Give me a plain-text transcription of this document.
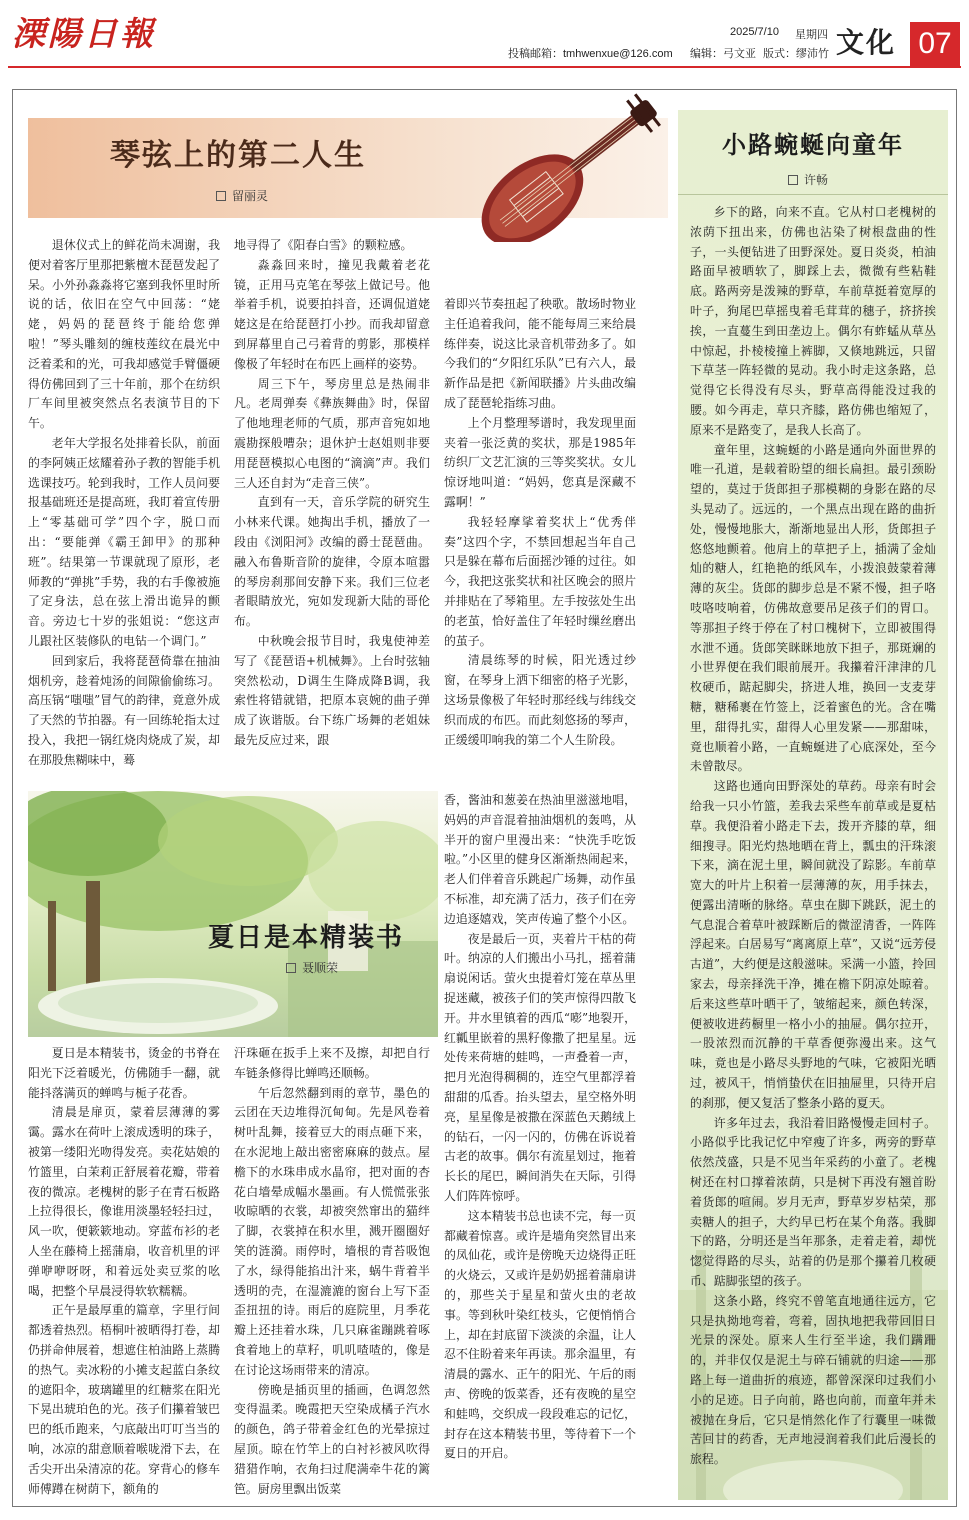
溧陽日報	2025/7/10 星期四
投稿邮箱：tmhwenxue@126.com 编辑：弓文亚 版式：缪沛竹 文化 07
琴弦上的第二人生
留丽灵

退休仪式上的鲜花尚未凋谢，我便对着客厅里那把紫檀木琵琶发起了呆。小外孙淼淼将它塞到我怀里时所说的话，依旧在空气中回荡：“姥姥，妈妈的琵琶终于能给您弹啦！”琴头雕刻的缠枝莲纹在晨光中泛着柔和的光，可我却感觉手臂僵硬得仿佛回到了三十年前，那个在纺织厂车间里被突然点名表演节目的下午。

老年大学报名处排着长队，前面的李阿姨正炫耀着孙子教的智能手机选课技巧。轮到我时，工作人员问要报基础班还是提高班，我盯着宣传册上“零基础可学”四个字，脱口而出：“要能弹《霸王卸甲》的那种班”。结果第一节课就现了原形，老师教的“弹挑”手势，我的右手像被施了定身法，总在弦上滑出诡异的颤音。旁边七十岁的张姐说：“您这声儿跟社区装修队的电钻一个调门。”

回到家后，我将琵琶倚靠在抽油烟机旁，趁着炖汤的间隙偷偷练习。高压锅“嗤嗤”冒气的韵律，竟意外成了天然的节拍器。有一回练轮指太过投入，我把一锅红烧肉烧成了炭，却在那股焦糊味中，蓦

地寻得了《阳春白雪》的颗粒感。

淼淼回来时，撞见我戴着老花镜，正用马克笔在琴弦上做记号。他举着手机，说要拍抖音，还调侃道姥姥这是在给琵琶打小抄。而我却留意到屏幕里自己弓着背的剪影，那模样像极了年轻时在布匹上画样的姿势。

周三下午，琴房里总是热闹非凡。老周弹奏《彝族舞曲》时，保留了他地理老师的气质，那声音宛如地震勘探般嘈杂；退休护士赵姐则非要用琵琶模拟心电图的“滴滴”声。我们三人还自封为“走音三侠”。

直到有一天，音乐学院的研究生小林来代课。她掏出手机，播放了一段由《浏阳河》改编的爵士琵琶曲。融入布鲁斯音阶的旋律，令原本喧嚣的琴房刹那间安静下来。我们三位老者眼睛放光，宛如发现新大陆的哥伦布。

中秋晚会报节目时，我鬼使神差写了《琵琶语+机械舞》。上台时弦轴突然松动，D调生生降成降B调，我索性将错就错，把原本哀婉的曲子弹成了诙谐版。台下练广场舞的老姐妹最先反应过来，跟

着即兴节奏扭起了秧歌。散场时物业主任追着我问，能不能每周三来给晨练伴奏，说这比录音机带劲多了。如今我们的“夕阳红乐队”已有六人，最新作品是把《新闻联播》片头曲改编成了琵琶轮指练习曲。

上个月整理琴谱时，我发现里面夹着一张泛黄的奖状，那是1985年纺织厂文艺汇演的三等奖奖状。女儿惊讶地叫道：“妈妈，您真是深藏不露啊！”

我轻轻摩挲着奖状上“优秀伴奏”这四个字，不禁回想起当年自己只是躲在幕布后面摇沙锤的过往。如今，我把这张奖状和社区晚会的照片并排贴在了琴箱里。左手按弦处生出的老茧，恰好盖住了年轻时缫丝磨出的茧子。

清晨练琴的时候，阳光透过纱窗，在琴身上洒下细密的格子光影，这场景像极了年轻时那经线与纬线交织而成的布匹。而此刻悠扬的琴声，正缓缓叩响我的第二个人生阶段。

夏日是本精装书
聂顺荣

夏日是本精装书，烫金的书脊在阳光下泛着暖光，仿佛随手一翻，就能抖落满页的蝉鸣与栀子花香。

清晨是扉页，蒙着层薄薄的雾霭。露水在荷叶上滚成透明的珠子，被第一缕阳光吻得发亮。卖花姑娘的竹篮里，白茉莉正舒展着花瓣，带着夜的微凉。老槐树的影子在青石板路上拉得很长，像谁用淡墨轻轻扫过，风一吹，便簌簌地动。穿蓝布衫的老人坐在藤椅上摇蒲扇，收音机里的评弹咿咿呀呀，和着远处卖豆浆的吆喝，把整个早晨浸得软软糯糯。

正午是最厚重的篇章，字里行间都透着热烈。梧桐叶被晒得打卷，却仍拼命伸展着，想遮住柏油路上蒸腾的热气。卖冰粉的小摊支起蓝白条纹的遮阳伞，玻璃罐里的红糖浆在阳光下晃出琥珀色的光。孩子们攥着皱巴巴的纸币跑来，勺底敲出叮叮当当的响，冰凉的甜意顺着喉咙滑下去，在舌尖开出朵清凉的花。穿背心的修车师傅蹲在树荫下，额角的

汗珠砸在扳手上来不及擦，却把自行车链条修得比蝉鸣还顺畅。

午后忽然翻到雨的章节，墨色的云团在天边堆得沉甸甸。先是风卷着树叶乱舞，接着豆大的雨点砸下来，在水泥地上敲出密密麻麻的鼓点。屋檐下的水珠串成水晶帘，把对面的杏花白墙晕成幅水墨画。有人慌慌张张收晾晒的衣裳，却被突然窜出的猫绊了脚，衣裳掉在积水里，溅开圈圈好笑的涟漪。雨停时，墙根的青苔吸饱了水，绿得能掐出汁来，蜗牛背着半透明的壳，在湿漉漉的窗台上写下歪歪扭扭的诗。雨后的庭院里，月季花瓣上还挂着水珠，几只麻雀蹦跳着啄食着地上的草籽，叽叽喳喳的，像是在讨论这场雨带来的清凉。

傍晚是插页里的插画，色调忽然变得温柔。晚霞把天空染成橘子汽水的颜色，鸽子带着金红色的光晕掠过屋顶。晾在竹竿上的白衬衫被风吹得猎猎作响，衣角扫过爬满牵牛花的篱笆。厨房里飘出饭菜

香，酱油和葱姜在热油里滋滋地唱，妈妈的声音混着抽油烟机的轰鸣，从半开的窗户里漫出来：“快洗手吃饭啦。”小区里的健身区渐渐热闹起来，老人们伴着音乐跳起广场舞，动作虽不标准，却充满了活力，孩子们在旁边追逐嬉戏，笑声传遍了整个小区。

夜是最后一页，夹着片干枯的荷叶。纳凉的人们搬出小马扎，摇着蒲扇说闲话。萤火虫提着灯笼在草丛里捉迷藏，被孩子们的笑声惊得四散飞开。井水里镇着的西瓜“嘭”地裂开，红瓤里嵌着的黑籽像撒了把星星。远处传来荷塘的蛙鸣，一声叠着一声，把月光泡得稠稠的，连空气里都浮着甜甜的瓜香。抬头望去，星空格外明亮，星星像是被撒在深蓝色天鹅绒上的钻石，一闪一闪的，仿佛在诉说着古老的故事。偶尔有流星划过，拖着长长的尾巴，瞬间消失在天际，引得人们阵阵惊呼。

这本精装书总也读不完，每一页都藏着惊喜。或许是墙角突然冒出来的凤仙花，或许是傍晚天边烧得正旺的火烧云，又或许是奶奶摇着蒲扇讲的，那些关于星星和萤火虫的老故事。等到秋叶染红枝头，它便悄悄合上，却在封底留下淡淡的余温，让人忍不住盼着来年再读。那余温里，有清晨的露水、正午的阳光、午后的雨声、傍晚的饭菜香，还有夜晚的星空和蛙鸣，交织成一段段难忘的记忆，封存在这本精装书里，等待着下一个夏日的开启。

小路蜿蜒向童年
许畅

乡下的路，向来不直。它从村口老槐树的浓荫下扭出来，仿佛也沾染了树根盘曲的性子，一头便钻进了田野深处。夏日炎炎，柏油路面早被晒软了，脚踩上去，微微有些粘鞋底。路两旁是泼辣的野草，车前草挺着宽厚的叶子，狗尾巴草摇曳着毛茸茸的穗子，挤挤挨挨，一直蔓生到田垄边上。偶尔有蚱蜢从草丛中惊起，扑棱棱撞上裤脚，又倏地跳远，只留下草茎一阵轻微的晃动。我小时走这条路，总觉得它长得没有尽头，野草高得能没过我的腰。如今再走，草只齐膝，路仿佛也缩短了，原来不是路变了，是我人长高了。

童年里，这蜿蜒的小路是通向外面世界的唯一孔道，是载着盼望的细长扁担。最引颈盼望的，莫过于货郎担子那模糊的身影在路的尽头晃动了。远远的，一个黑点出现在路的曲折处，慢慢地胀大，渐渐地显出人形，货郎担子悠悠地颤着。他肩上的草把子上，插满了金灿灿的糖人，红艳艳的纸风车，小拨浪鼓蒙着薄薄的灰尘。货郎的脚步总是不紧不慢，担子咯吱咯吱响着，仿佛故意要吊足孩子们的胃口。等那担子终于停在了村口槐树下，立即被围得水泄不通。货郎笑眯眯地放下担子，那斑斓的小世界便在我们眼前展开。我攥着汗津津的几枚硬币，踮起脚尖，挤进人堆，换回一支麦芽糖，糖稀裹在竹签上，泛着蜜色的光。含在嘴里，甜得扎实，甜得人心里发紧——那甜味，竟也顺着小路，一直蜿蜒进了心底深处，至今未曾散尽。

这路也通向田野深处的草药。母亲有时会给我一只小竹篮，差我去采些车前草或是夏枯草。我便沿着小路走下去，拨开齐膝的草，细细搜寻。阳光灼热地晒在背上，瓢虫的汗珠滚下来，滴在泥土里，瞬间就没了踪影。车前草宽大的叶片上积着一层薄薄的灰，用手抹去，便露出清晰的脉络。草虫在脚下跳跃，泥土的气息混合着草叶被踩断后的微涩清香，一阵阵浮起来。白居易写“离离原上草”，又说“远芳侵古道”，大约便是这般滋味。采满一小篮，拎回家去，母亲择洗干净，摊在檐下阴凉处晾着。后来这些草叶晒干了，皱缩起来，颜色转深，便被收进药橱里一格小小的抽屉。偶尔拉开，一股浓烈而沉静的干草香便弥漫出来。这气味，竟也是小路尽头野地的气味，它被阳光晒过，被风干，悄悄蛰伏在旧抽屉里，只待开启的刹那，便又复活了整条小路的夏天。

许多年过去，我沿着旧路慢慢走回村子。小路似乎比我记忆中窄瘦了许多，两旁的野草依然茂盛，只是不见当年采药的小童了。老槐树还在村口撑着浓荫，只是树下再没有翘首盼着货郎的喧闹。岁月无声，野草岁岁枯荣，那卖糖人的担子，大约早已朽在某个角落。我脚下的路，分明还是当年那条，走着走着，却恍惚觉得路的尽头，站着的仍是那个攥着几枚硬币、踮脚张望的孩子。

这条小路，终究不曾笔直地通往远方，它只是执拗地弯着，弯着，固执地把我带回旧日光景的深处。原来人生行至半途，我们蹒跚的，并非仅仅是泥土与碎石铺就的归途——那路上每一道曲折的痕迹，都曾深深印过我们小小的足迹。日子向前，路也向前，而童年并未被抛在身后，它只是悄然化作了行囊里一味微苦回甘的药香，无声地浸润着我们此后漫长的旅程。
